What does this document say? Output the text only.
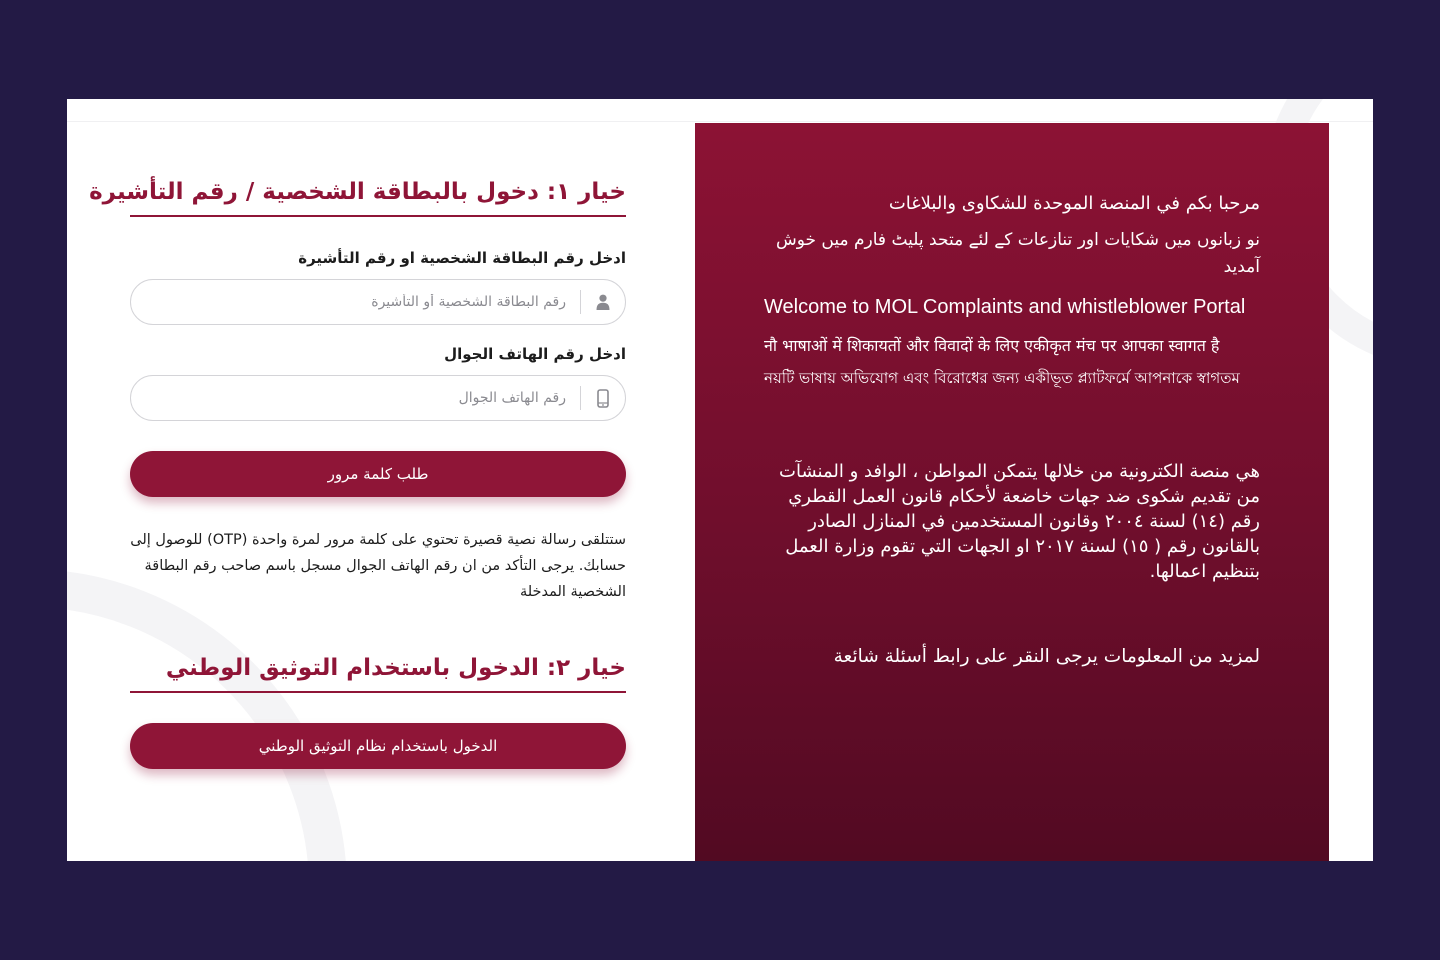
خيار ١: دخول بالبطاقة الشخصية / رقم التأشيرة
ادخل رقم البطاقة الشخصية او رقم التأشيرة
رقم البطاقة الشخصية أو التأشيرة
ادخل رقم الهاتف الجوال
رقم الهاتف الجوال
طلب كلمة مرور

ستتلقى رسالة نصية قصيرة تحتوي على كلمة مرور لمرة واحدة (OTP) للوصول إلى حسابك. يرجى التأكد من ان رقم الهاتف الجوال مسجل باسم صاحب رقم البطاقة الشخصية المدخلة

خيار ٢: الدخول باستخدام التوثيق الوطني
الدخول باستخدام نظام التوثيق الوطني

مرحبا بكم في المنصة الموحدة للشكاوى والبلاغات

نو زبانوں میں شکایات اور تنازعات کے لئے متحد پلیٹ فارم میں خوش آمدید

Welcome to MOL Complaints and whistleblower Portal

नौ भाषाओं में शिकायतों और विवादों के लिए एकीकृत मंच पर आपका स्वागत है

নয়টি ভাষায় অভিযোগ এবং বিরোধের জন্য একীভূত প্ল্যাটফর্মে আপনাকে স্বাগতম

هي منصة الكترونية من خلالها يتمكن المواطن ، الوافد و المنشآت من تقديم شكوى ضد جهات خاضعة لأحكام قانون العمل القطري رقم (١٤) لسنة ٢٠٠٤ وقانون المستخدمين في المنازل الصادر بالقانون رقم ( ١٥) لسنة ٢٠١٧ او الجهات التي تقوم وزارة العمل بتنظيم اعمالها.

لمزيد من المعلومات يرجى النقر على رابط أسئلة شائعة
